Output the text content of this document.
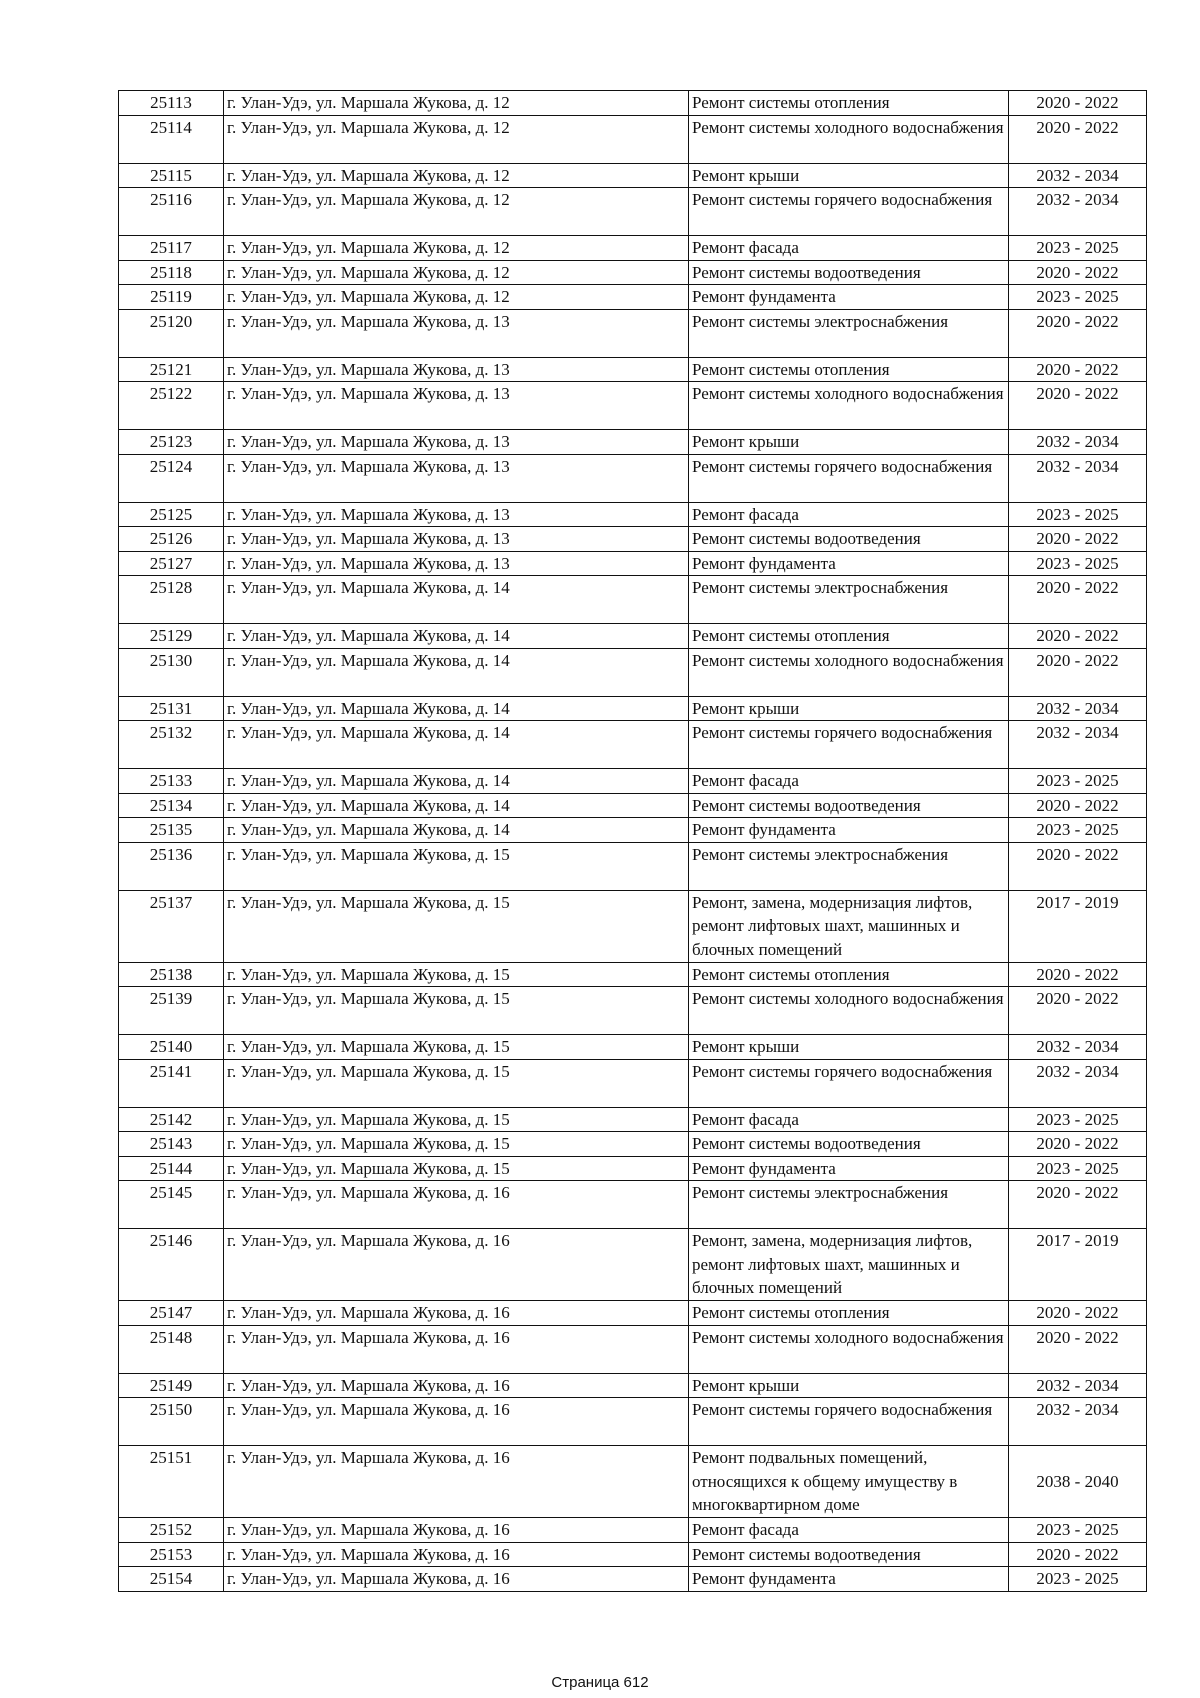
25113	г. Улан-Удэ, ул. Маршала Жукова, д. 12	Ремонт системы отопления	2020 - 2022
25114	г. Улан-Удэ, ул. Маршала Жукова, д. 12	Ремонт системы холодного водоснабжения	2020 - 2022
25115	г. Улан-Удэ, ул. Маршала Жукова, д. 12	Ремонт крыши	2032 - 2034
25116	г. Улан-Удэ, ул. Маршала Жукова, д. 12	Ремонт системы горячего водоснабжения	2032 - 2034
25117	г. Улан-Удэ, ул. Маршала Жукова, д. 12	Ремонт фасада	2023 - 2025
25118	г. Улан-Удэ, ул. Маршала Жукова, д. 12	Ремонт системы водоотведения	2020 - 2022
25119	г. Улан-Удэ, ул. Маршала Жукова, д. 12	Ремонт фундамента	2023 - 2025
25120	г. Улан-Удэ, ул. Маршала Жукова, д. 13	Ремонт системы электроснабжения	2020 - 2022
25121	г. Улан-Удэ, ул. Маршала Жукова, д. 13	Ремонт системы отопления	2020 - 2022
25122	г. Улан-Удэ, ул. Маршала Жукова, д. 13	Ремонт системы холодного водоснабжения	2020 - 2022
25123	г. Улан-Удэ, ул. Маршала Жукова, д. 13	Ремонт крыши	2032 - 2034
25124	г. Улан-Удэ, ул. Маршала Жукова, д. 13	Ремонт системы горячего водоснабжения	2032 - 2034
25125	г. Улан-Удэ, ул. Маршала Жукова, д. 13	Ремонт фасада	2023 - 2025
25126	г. Улан-Удэ, ул. Маршала Жукова, д. 13	Ремонт системы водоотведения	2020 - 2022
25127	г. Улан-Удэ, ул. Маршала Жукова, д. 13	Ремонт фундамента	2023 - 2025
25128	г. Улан-Удэ, ул. Маршала Жукова, д. 14	Ремонт системы электроснабжения	2020 - 2022
25129	г. Улан-Удэ, ул. Маршала Жукова, д. 14	Ремонт системы отопления	2020 - 2022
25130	г. Улан-Удэ, ул. Маршала Жукова, д. 14	Ремонт системы холодного водоснабжения	2020 - 2022
25131	г. Улан-Удэ, ул. Маршала Жукова, д. 14	Ремонт крыши	2032 - 2034
25132	г. Улан-Удэ, ул. Маршала Жукова, д. 14	Ремонт системы горячего водоснабжения	2032 - 2034
25133	г. Улан-Удэ, ул. Маршала Жукова, д. 14	Ремонт фасада	2023 - 2025
25134	г. Улан-Удэ, ул. Маршала Жукова, д. 14	Ремонт системы водоотведения	2020 - 2022
25135	г. Улан-Удэ, ул. Маршала Жукова, д. 14	Ремонт фундамента	2023 - 2025
25136	г. Улан-Удэ, ул. Маршала Жукова, д. 15	Ремонт системы электроснабжения	2020 - 2022
25137	г. Улан-Удэ, ул. Маршала Жукова, д. 15	Ремонт, замена, модернизация лифтов, ремонт лифтовых шахт, машинных и блочных помещений	2017 - 2019
25138	г. Улан-Удэ, ул. Маршала Жукова, д. 15	Ремонт системы отопления	2020 - 2022
25139	г. Улан-Удэ, ул. Маршала Жукова, д. 15	Ремонт системы холодного водоснабжения	2020 - 2022
25140	г. Улан-Удэ, ул. Маршала Жукова, д. 15	Ремонт крыши	2032 - 2034
25141	г. Улан-Удэ, ул. Маршала Жукова, д. 15	Ремонт системы горячего водоснабжения	2032 - 2034
25142	г. Улан-Удэ, ул. Маршала Жукова, д. 15	Ремонт фасада	2023 - 2025
25143	г. Улан-Удэ, ул. Маршала Жукова, д. 15	Ремонт системы водоотведения	2020 - 2022
25144	г. Улан-Удэ, ул. Маршала Жукова, д. 15	Ремонт фундамента	2023 - 2025
25145	г. Улан-Удэ, ул. Маршала Жукова, д. 16	Ремонт системы электроснабжения	2020 - 2022
25146	г. Улан-Удэ, ул. Маршала Жукова, д. 16	Ремонт, замена, модернизация лифтов, ремонт лифтовых шахт, машинных и блочных помещений	2017 - 2019
25147	г. Улан-Удэ, ул. Маршала Жукова, д. 16	Ремонт системы отопления	2020 - 2022
25148	г. Улан-Удэ, ул. Маршала Жукова, д. 16	Ремонт системы холодного водоснабжения	2020 - 2022
25149	г. Улан-Удэ, ул. Маршала Жукова, д. 16	Ремонт крыши	2032 - 2034
25150	г. Улан-Удэ, ул. Маршала Жукова, д. 16	Ремонт системы горячего водоснабжения	2032 - 2034
25151	г. Улан-Удэ, ул. Маршала Жукова, д. 16	Ремонт подвальных помещений, относящихся к общему имуществу в многоквартирном доме	2038 - 2040
25152	г. Улан-Удэ, ул. Маршала Жукова, д. 16	Ремонт фасада	2023 - 2025
25153	г. Улан-Удэ, ул. Маршала Жукова, д. 16	Ремонт системы водоотведения	2020 - 2022
25154	г. Улан-Удэ, ул. Маршала Жукова, д. 16	Ремонт фундамента	2023 - 2025
Страница 612
